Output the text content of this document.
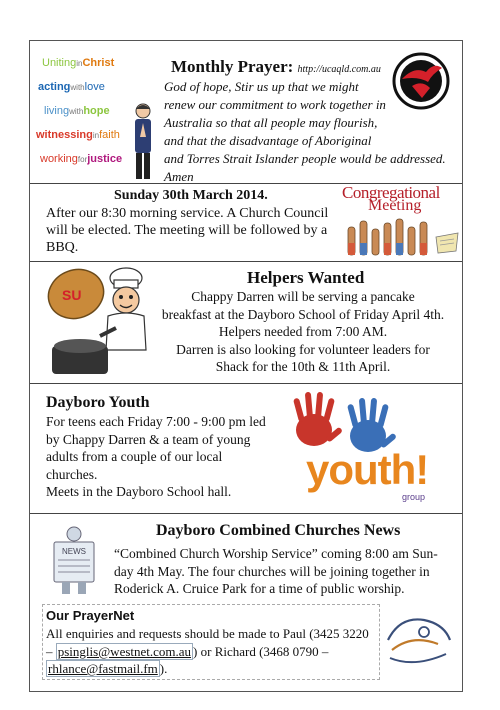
UnitinginChrist
actingwithlove
livingwithhope
witnessinginfaith
workingforjustice
Monthly Prayer: http://ucaqld.com.au
God of hope, Stir us up that we might
renew our commitment to work together in
Australia so that all people may flourish,
and that the disadvantage of Aboriginal
and Torres Strait Islander people would be addressed.
Amen
Sunday 30th March 2014.
After our 8:30 morning service. A Church Council
will be elected. The meeting will be followed by a
BBQ.
Congregational
Meeting
SU
Helpers Wanted
Chappy Darren will be serving a pancake
breakfast at the Dayboro School of Friday April 4th.
Helpers needed from 7:00 AM.
Darren is also looking for volunteer leaders for
Shack for the 10th & 11th April.
Dayboro Youth
For teens each Friday 7:00 - 9:00 pm led
by Chappy Darren & a team of young
adults from a couple of our local
churches.
Meets in the Dayboro School hall.	youth!
group
NEWS
Dayboro Combined Churches News
“Combined Church Worship Service” coming 8:00 am Sun-
day 4th May. The four churches will be joining together in
Roderick A. Cruice Park for a time of public worship.
Our PrayerNet
All enquiries and requests should be made to Paul (3425 3220
– psinglis@westnet.com.au ) or Richard (3468 0790 –
rhlance@fastmail.fm ).
